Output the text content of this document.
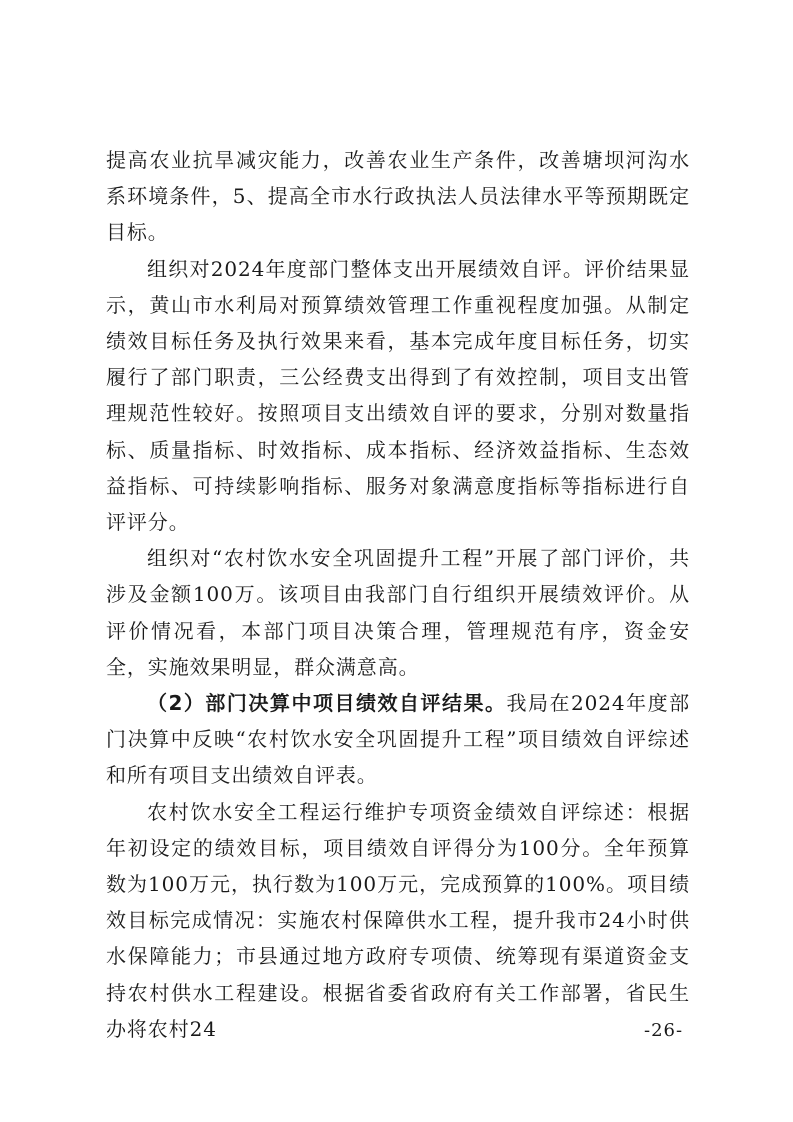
提高农业抗旱减灾能力，改善农业生产条件，改善塘坝河沟水系环境条件，5、提高全市水行政执法人员法律水平等预期既定目标。

组织对2024年度部门整体支出开展绩效自评。评价结果显示，黄山市水利局对预算绩效管理工作重视程度加强。从制定绩效目标任务及执行效果来看，基本完成年度目标任务，切实履行了部门职责，三公经费支出得到了有效控制，项目支出管理规范性较好。按照项目支出绩效自评的要求，分别对数量指标、质量指标、时效指标、成本指标、经济效益指标、生态效益指标、可持续影响指标、服务对象满意度指标等指标进行自评评分。

组织对“农村饮水安全巩固提升工程”开展了部门评价，共涉及金额100万。该项目由我部门自行组织开展绩效评价。从评价情况看，本部门项目决策合理，管理规范有序，资金安全，实施效果明显，群众满意高。

（2）部门决算中项目绩效自评结果。我局在2024年度部门决算中反映“农村饮水安全巩固提升工程”项目绩效自评综述和所有项目支出绩效自评表。

农村饮水安全工程运行维护专项资金绩效自评综述：根据年初设定的绩效目标，项目绩效自评得分为100分。全年预算数为100万元，执行数为100万元，完成预算的100%。项目绩效目标完成情况：实施农村保障供水工程，提升我市24小时供水保障能力；市县通过地方政府专项债、统筹现有渠道资金支持农村供水工程建设。根据省委省政府有关工作部署，省民生办将农村24	-26-
